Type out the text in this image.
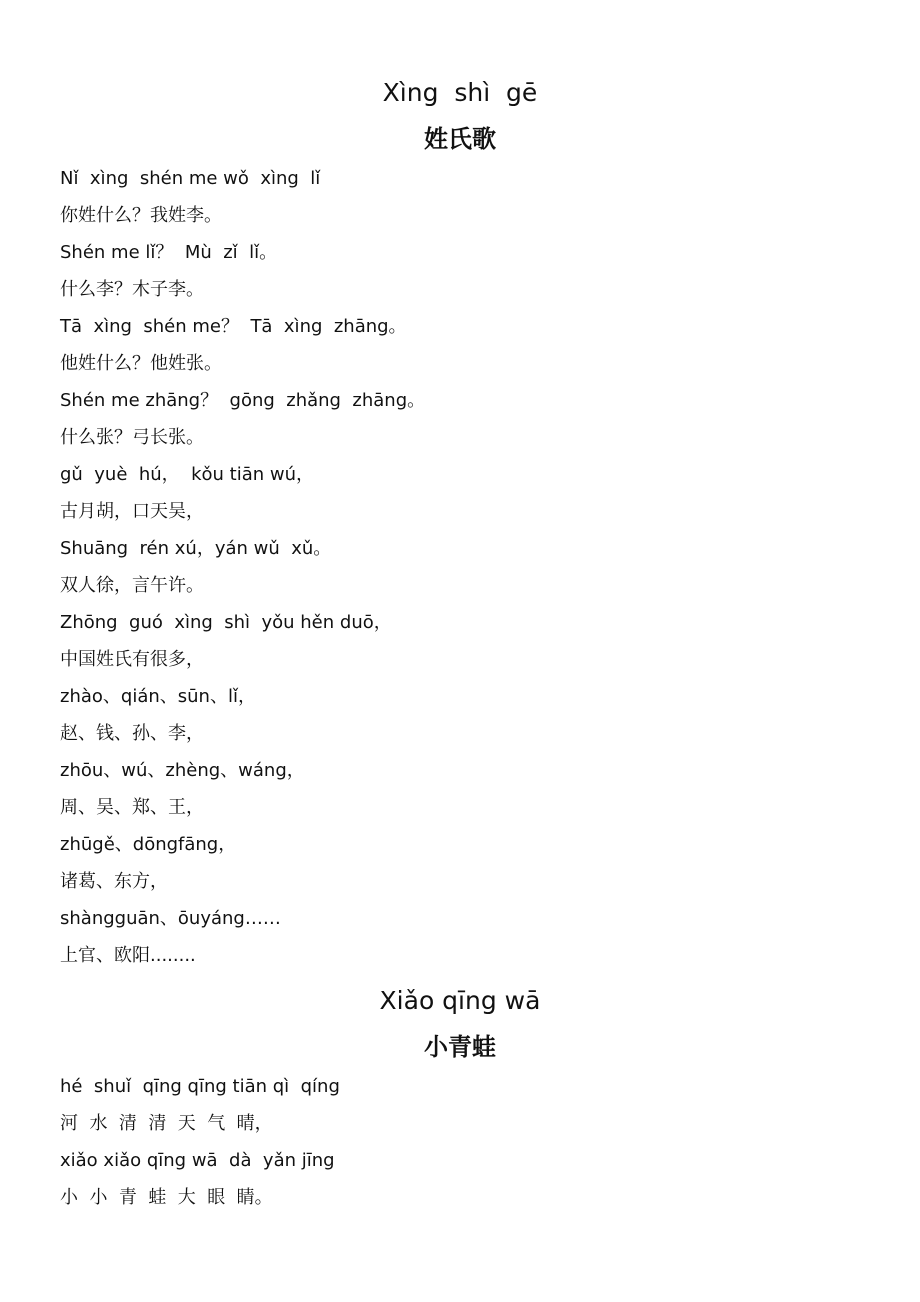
Xìng  shì  gē
姓氏歌
Nǐ  xìng  shén me wǒ  xìng  lǐ
你姓什么？我姓李。
Shén me lǐ？  Mù  zǐ  lǐ。
什么李？木子李。
Tā  xìng  shén me？  Tā  xìng  zhāng。
他姓什么？他姓张。
Shén me zhāng？  gōng  zhǎng  zhāng。
什么张？弓长张。
gǔ  yuè  hú，  kǒu tiān wú，
古月胡，口天吴，
Shuāng  rén xú，yán wǔ  xǔ。
双人徐，言午许。
Zhōng  guó  xìng  shì  yǒu hěn duō，
中国姓氏有很多，
zhào、qián、sūn、lǐ，
赵、钱、孙、李，
zhōu、wú、zhèng、wáng，
周、吴、郑、王，
zhūgě、dōngfāng，
诸葛、东方，
shàngguān、ōuyáng……
上官、欧阳........
Xiǎo qīng wā
小青蛙
hé  shuǐ  qīng qīng tiān qì  qíng
河  水  清  清  天  气  晴，
xiǎo xiǎo qīng wā  dà  yǎn jīng
小  小  青  蛙  大  眼  睛。
